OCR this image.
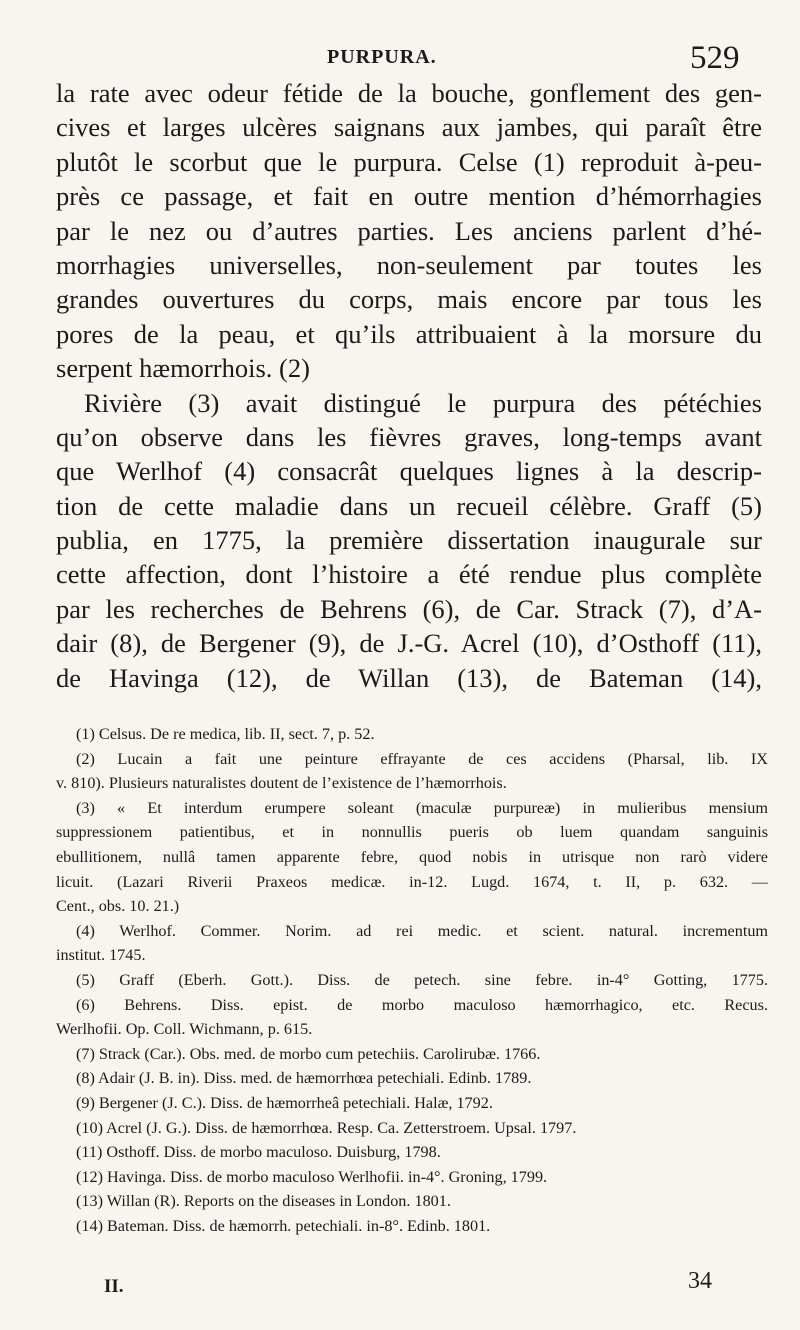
PURPURA.	529
la rate avec odeur fétide de la bouche, gonflement des gen-
cives et larges ulcères saignans aux jambes, qui paraît être
plutôt le scorbut que le purpura. Celse (1) reproduit à-peu-
près ce passage, et fait en outre mention d’hémorrhagies
par le nez ou d’autres parties. Les anciens parlent d’hé-
morrhagies universelles, non-seulement par toutes les
grandes ouvertures du corps, mais encore par tous les
pores de la peau, et qu’ils attribuaient à la morsure du
serpent hæmorrhois. (2)
Rivière (3) avait distingué le purpura des pétéchies
qu’on observe dans les fièvres graves, long-temps avant
que Werlhof (4) consacrât quelques lignes à la descrip-
tion de cette maladie dans un recueil célèbre. Graff (5)
publia, en 1775, la première dissertation inaugurale sur
cette affection, dont l’histoire a été rendue plus complète
par les recherches de Behrens (6), de Car. Strack (7), d’A-
dair (8), de Bergener (9), de J.-G. Acrel (10), d’Osthoff (11),
de Havinga (12), de Willan (13), de Bateman (14),
(1) Celsus. De re medica, lib. II, sect. 7, p. 52.
(2) Lucain a fait une peinture effrayante de ces accidens (Pharsal, lib. IX
v. 810). Plusieurs naturalistes doutent de l’existence de l’hæmorrhois.
(3) « Et interdum erumpere soleant (maculæ purpureæ) in mulieribus mensium
suppressionem patientibus, et in nonnullis pueris ob luem quandam sanguinis
ebullitionem, nullâ tamen apparente febre, quod nobis in utrisque non rarò videre
licuit. (Lazari Riverii Praxeos medicæ. in-12. Lugd. 1674, t. II, p. 632. —
Cent., obs. 10. 21.)
(4) Werlhof. Commer. Norim. ad rei medic. et scient. natural. incrementum
institut. 1745.
(5) Graff (Eberh. Gott.). Diss. de petech. sine febre. in-4° Gotting, 1775.
(6) Behrens. Diss. epist. de morbo maculoso hæmorrhagico, etc. Recus.
Werlhofii. Op. Coll. Wichmann, p. 615.
(7) Strack (Car.). Obs. med. de morbo cum petechiis. Carolirubæ. 1766.
(8) Adair (J. B. in). Diss. med. de hæmorrhœa petechiali. Edinb. 1789.
(9) Bergener (J. C.). Diss. de hæmorrheâ petechiali. Halæ, 1792.
(10) Acrel (J. G.). Diss. de hæmorrhœa. Resp. Ca. Zetterstroem. Upsal. 1797.
(11) Osthoff. Diss. de morbo maculoso. Duisburg, 1798.
(12) Havinga. Diss. de morbo maculoso Werlhofii. in-4°. Groning, 1799.
(13) Willan (R). Reports on the diseases in London. 1801.
(14) Bateman. Diss. de hæmorrh. petechiali. in-8°. Edinb. 1801.
II.	34
